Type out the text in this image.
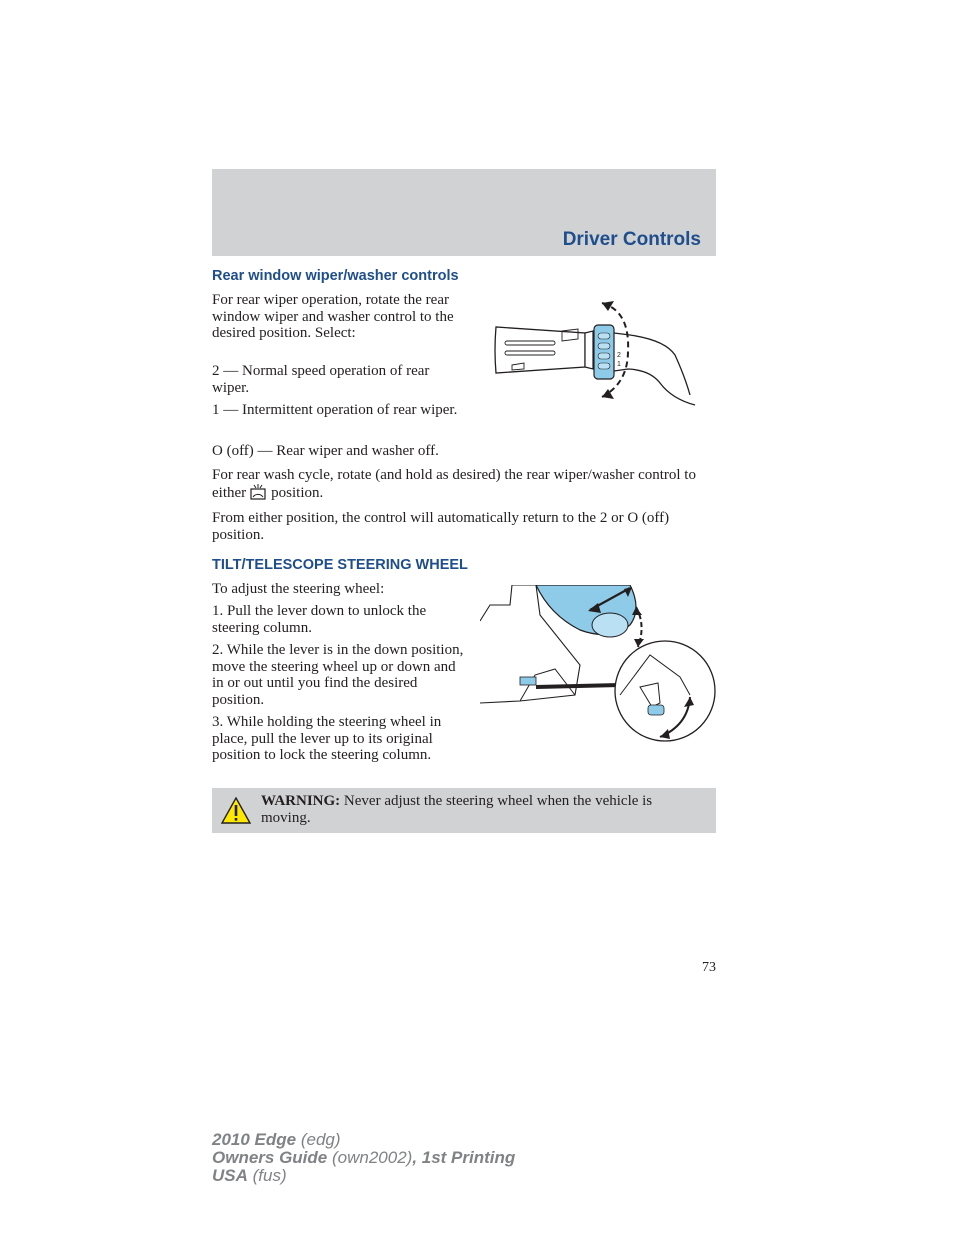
Driver Controls
Rear window wiper/washer controls

For rear wiper operation, rotate the rear window wiper and washer control to the desired position. Select:

2 — Normal speed operation of rear wiper.

1 — Intermittent operation of rear wiper.

O (off) — Rear wiper and washer off.

For rear wash cycle, rotate (and hold as desired) the rear wiper/washer control to either position.

From either position, the control will automatically return to the 2 or O (off) position.

2
1
TILT/TELESCOPE STEERING WHEEL

To adjust the steering wheel:

1. Pull the lever down to unlock the steering column.

2. While the lever is in the down position, move the steering wheel up or down and in or out until you find the desired position.

3. While holding the steering wheel in place, pull the lever up to its original position to lock the steering column.

WARNING: Never adjust the steering wheel when the vehicle is moving.

73
2010 Edge (edg)
Owners Guide (own2002), 1st Printing
USA (fus)
